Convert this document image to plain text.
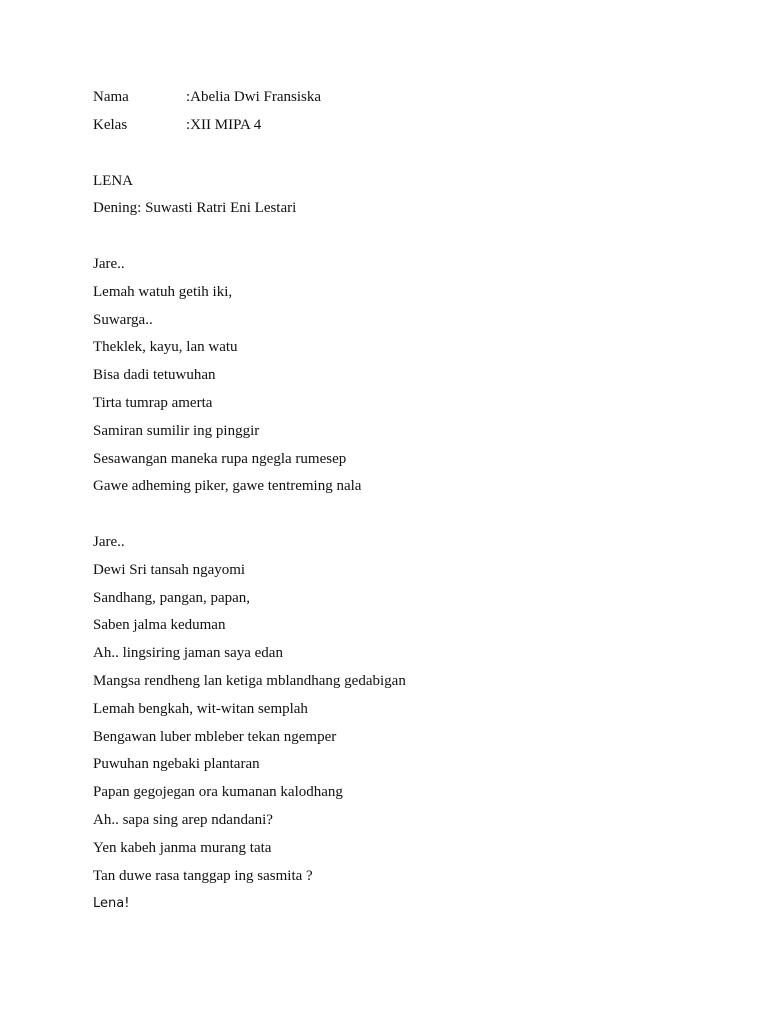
Nama	:Abelia Dwi Fransiska
Kelas	:XII MIPA 4
LENA
Dening: Suwasti Ratri Eni Lestari
Jare..
Lemah watuh getih iki,
Suwarga..
Theklek, kayu, lan watu
Bisa dadi tetuwuhan
Tirta tumrap amerta
Samiran sumilir ing pinggir
Sesawangan maneka rupa ngegla rumesep
Gawe adheming piker, gawe tentreming nala
Jare..
Dewi Sri tansah ngayomi
Sandhang, pangan, papan,
Saben jalma keduman
Ah.. lingsiring jaman saya edan
Mangsa rendheng lan ketiga mblandhang gedabigan
Lemah bengkah, wit-witan semplah
Bengawan luber mbleber tekan ngemper
Puwuhan ngebaki plantaran
Papan gegojegan ora kumanan kalodhang
Ah.. sapa sing arep ndandani?
Yen kabeh janma murang tata
Tan duwe rasa tanggap ing sasmita ?
Lena!
